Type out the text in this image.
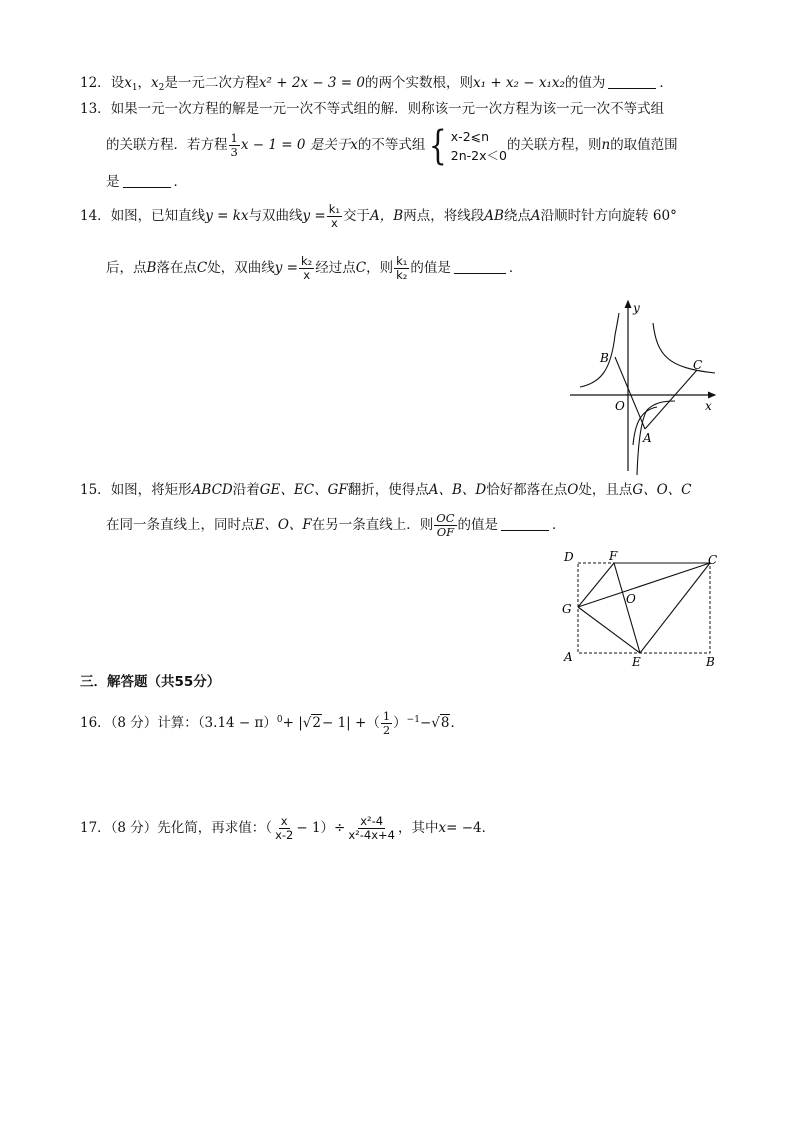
12．设$x_1$，$x_2$是一元二次方程x² + 2x − 3 = 0的两个实数根，则x₁ + x₂ − x₁x₂的值为	．
13．如果一元一次方程的解是一元一次不等式组的解．则称该一元一次方程为该一元一次不等式组
的关联方程．若方程 $\frac{1}{3}$ x − 1 = 0 是关于x的不等式组{ x-2⩽n
2n-2x＜0
的关联方程，则n的取值范围
是	．
14．如图，已知直线y = kx与双曲线$y = \frac{\text{k₁}}{x}$ 交于A，B两点，将线段AB绕点A沿顺时针方向旋转 60°
后，点B落在点C处，双曲线$y = \frac{\text{k₂}}{x}$ 经过点C，则 $\frac{\text{k₁}}{\text{k₂}}$ 的值是	．
y
x
O
B
A
C
15．如图，将矩形ABCD沿着GE、EC、GF翻折，使得点A、B、D恰好都落在点O处，且点G、O、C
在同一条直线上，同时点E、O、F在另一条直线上．则 $\frac{OC}{OF}$ 的值是	．
D	F	C
G
O
A	E	B
三．解答题（共55分）
16．（8 分）计算：$(3.14 - \pi)^0+ |√2- 1|$ +（ $\frac{1}{2} )^{-1}-√8$．
17．（8 分）先化简，再求值：（ $\frac{x}{x-2} - 1)\div \frac{\text{x²-4}}{\text{x²-4x+4}}$ ，其中x= −4．
